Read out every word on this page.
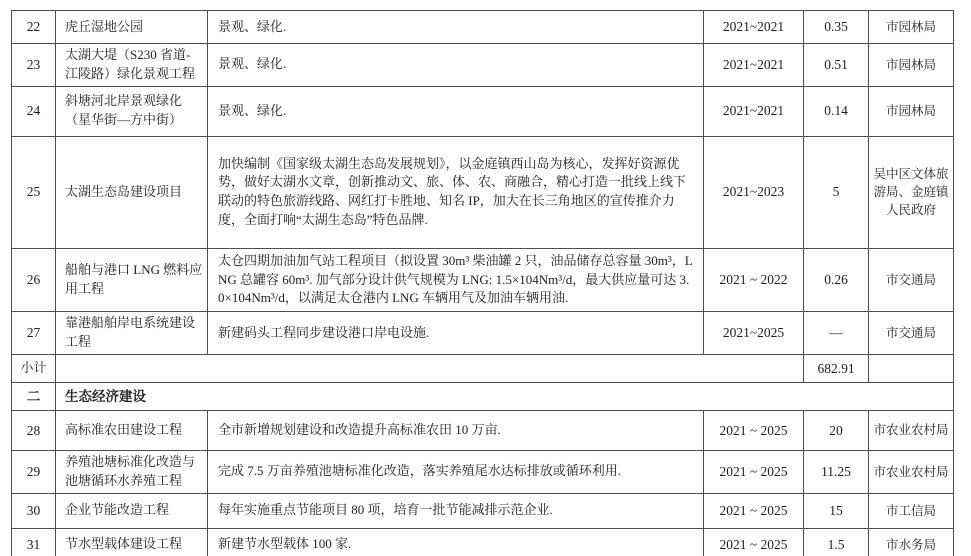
22	虎丘湿地公园	景观、绿化.	2021~2021	0.35	市园林局
23	太湖大堤（S230 省道-江陵路）绿化景观工程	景观、绿化.	2021~2021	0.51	市园林局
24	斜塘河北岸景观绿化（星华街—方中街）	景观、绿化.	2021~2021	0.14	市园林局
25	太湖生态岛建设项目	加快编制《国家级太湖生态岛发展规划》，以金庭镇西山岛为核心，发挥好资源优势，做好太湖水文章，创新推动文、旅、体、农、商融合，精心打造一批线上线下联动的特色旅游线路、网红打卡胜地、知名 IP，加大在长三角地区的宣传推介力度，全面打响“太湖生态岛”特色品牌.	2021~2023	5	吴中区文体旅游局、金庭镇人民政府
26	船舶与港口 LNG 燃料应用工程	太仓四期加油加气站工程项目（拟设置 30m³ 柴油罐 2 只，油品储存总容量 30m³，LNG 总罐容 60m³. 加气部分设计供气规模为 LNG: 1.5×104Nm³/d，最大供应量可达 3.0×104Nm³/d，以满足太仓港内 LNG 车辆用气及加油车辆用油.	2021 ~ 2022	0.26	市交通局
27	靠港船舶岸电系统建设工程	新建码头工程同步建设港口岸电设施.	2021~2025	—	市交通局
小计				682.91	
二	生态经济建设				
28	高标准农田建设工程	全市新增规划建设和改造提升高标准农田 10 万亩.	2021 ~ 2025	20	市农业农村局
29	养殖池塘标准化改造与池塘循环水养殖工程	完成 7.5 万亩养殖池塘标准化改造，落实养殖尾水达标排放或循环利用.	2021 ~ 2025	11.25	市农业农村局
30	企业节能改造工程	每年实施重点节能项目 80 项，培育一批节能减排示范企业.	2021 ~ 2025	15	市工信局
31	节水型载体建设工程	新建节水型载体 100 家.	2021 ~ 2025	1.5	市水务局
